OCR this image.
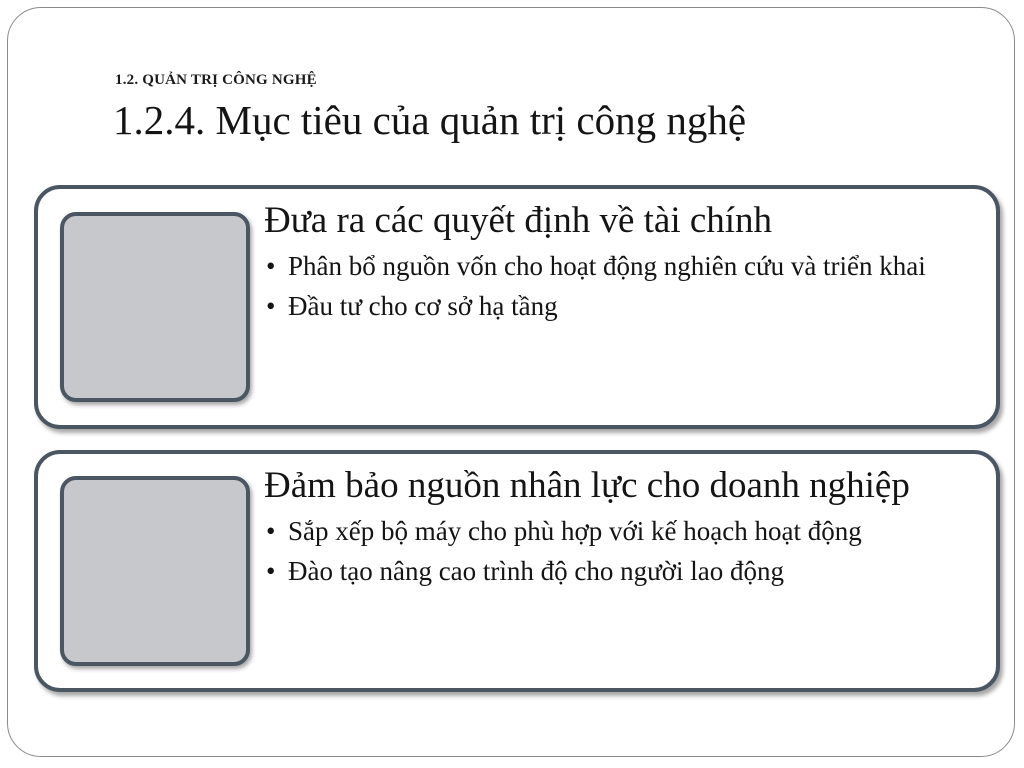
1.2. QUẢN TRỊ CÔNG NGHỆ
1.2.4. Mục tiêu của quản trị công nghệ
Đưa ra các quyết định về tài chính
• Phân bổ nguồn vốn cho hoạt động nghiên cứu và triển khai
• Đầu tư cho cơ sở hạ tầng
Đảm bảo nguồn nhân lực cho doanh nghiệp
• Sắp xếp bộ máy cho phù hợp với kế hoạch hoạt động
• Đào tạo nâng cao trình độ cho người lao động
